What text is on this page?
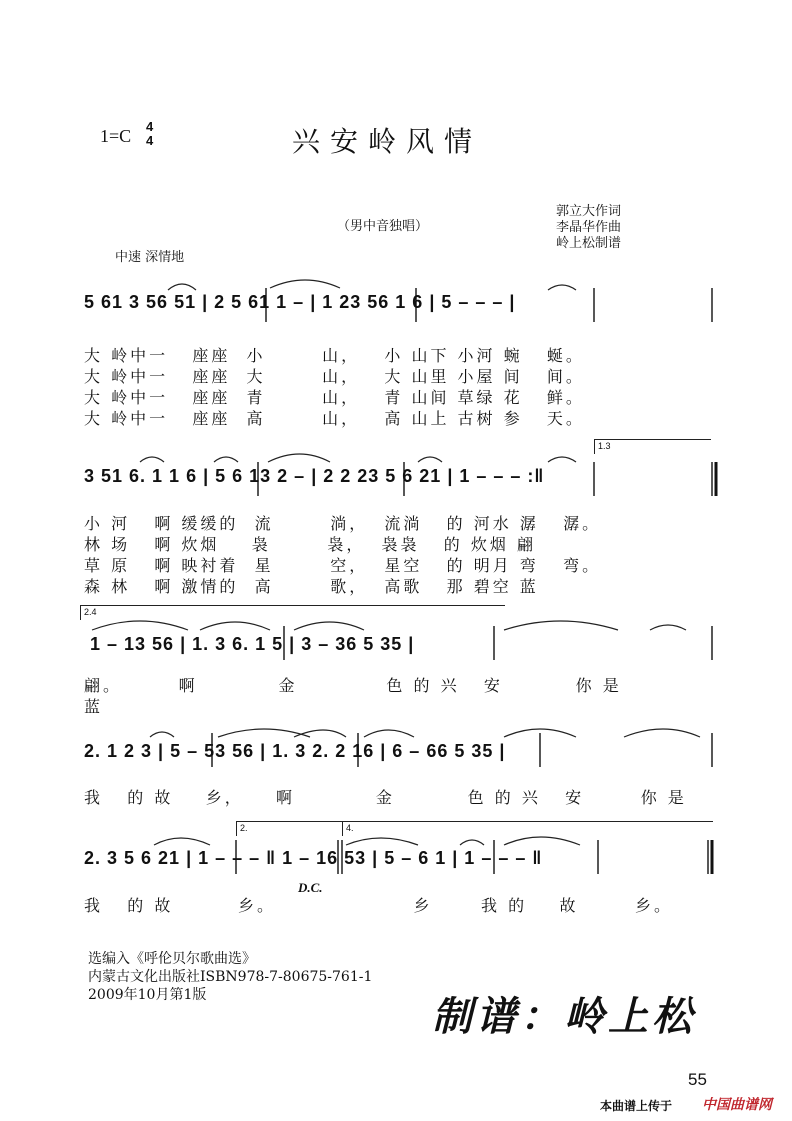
1=C 4
4	兴安岭风情
（男中音独唱）
郭立大作词
李晶华作曲
岭上松制谱
中速 深情地
5 61 3 56 51 | 2 5 61 1 – | 1 23 56 1 6 | 5 – – – |
大 岭中一   座座  小       山，   小 山下 小河 蜿   蜒。
大 岭中一   座座  大       山，   大 山里 小屋 间   间。
大 岭中一   座座  青       山，   青 山间 草绿 花   鲜。
大 岭中一   座座  高       山，   高 山上 古树 参   天。
1.3
3 51 6. 1 1 6 | 5 6 13 2 – | 2 2 23 5 6 21 | 1 – – – :‖
小 河   啊 缓缓的  流       淌，  流淌   的 河水 潺   潺。
林 场   啊 炊烟    袅       袅，  袅袅   的 炊烟 翩
草 原   啊 映衬着  星       空，  星空   的 明月 弯   弯。
森 林   啊 激情的  高       歌，  高歌   那 碧空 蓝
2.4
1 – 13 56 | 1. 3 6. 1 5 | 3 – 36 5 35 |
翩。       啊          金           色 的 兴   安         你 是
蓝
2. 1 2 3 | 5 – 53 56 | 1. 3 2. 2 16 | 6 – 66 5 35 |
我   的 故    乡，    啊          金         色 的 兴   安       你 是
2.	4.
2. 3 5 6 21 | 1 – – – ‖ 1 – 16 53 | 5 – 6 1 | 1 – – – ‖
D.C.
我   的 故        乡。                 乡      我 的    故       乡。
选编入《呼伦贝尔歌曲选》
内蒙古文化出版社ISBN978-7-80675-761-1
2009年10月第1版	制谱：岭上松
55
本曲谱上传于 中国曲谱网
